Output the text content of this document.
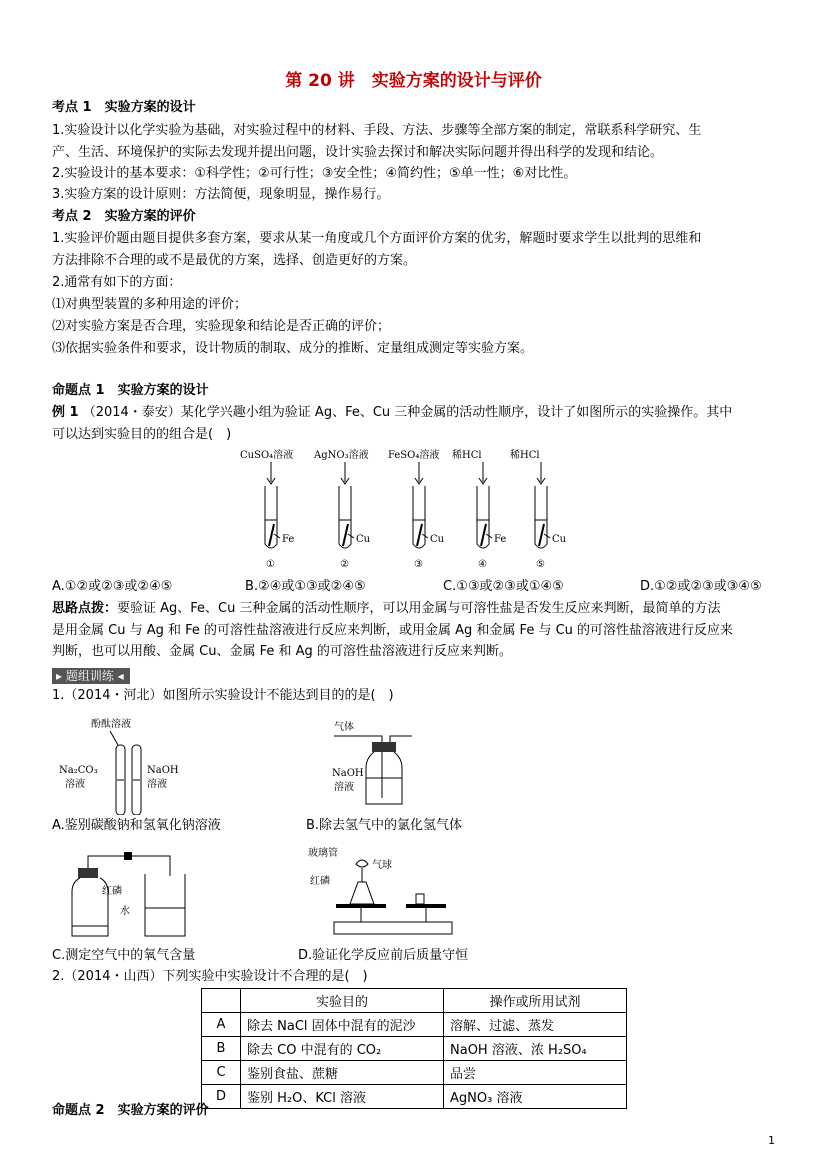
第 20 讲　实验方案的设计与评价
考点 1　实验方案的设计
1.实验设计以化学实验为基础，对实验过程中的材料、手段、方法、步骤等全部方案的制定，常联系科学研究、生
产、生活、环境保护的实际去发现并提出问题，设计实验去探讨和解决实际问题并得出科学的发现和结论。
2.实验设计的基本要求：①科学性；②可行性；③安全性；④简约性；⑤单一性；⑥对比性。
3.实验方案的设计原则：方法简便，现象明显，操作易行。
考点 2　实验方案的评价
1.实验评价题由题目提供多套方案，要求从某一角度或几个方面评价方案的优劣，解题时要求学生以批判的思维和
方法排除不合理的或不是最优的方案，选择、创造更好的方案。
2.通常有如下的方面：
⑴对典型装置的多种用途的评价；
⑵对实验方案是否合理，实验现象和结论是否正确的评价；
⑶依据实验条件和要求，设计物质的制取、成分的推断、定量组成测定等实验方案。
命题点 1　实验方案的设计
例 1 （2014・泰安）某化学兴趣小组为验证 Ag、Fe、Cu 三种金属的活动性顺序，设计了如图所示的实验操作。其中
可以达到实验目的的组合是(　)
CuSO₄溶液
Fe
①
AgNO₃溶液
Cu
②
FeSO₄溶液
Cu
③
稀HCl
Fe
④
稀HCl
Cu
⑤
A.①②或②③或②④⑤	B.②④或①③或②④⑤	C.①③或②③或①④⑤	D.①②或②③或③④⑤
思路点拨：要验证 Ag、Fe、Cu 三种金属的活动性顺序，可以用金属与可溶性盐是否发生反应来判断，最简单的方法
是用金属 Cu 与 Ag 和 Fe 的可溶性盐溶液进行反应来判断，或用金属 Ag 和金属 Fe 与 Cu 的可溶性盐溶液进行反应来
判断，也可以用酸、金属 Cu、金属 Fe 和 Ag 的可溶性盐溶液进行反应来判断。
▸ 题组训练 ◂
1.（2014・河北）如图所示实验设计不能达到目的的是(　)
酚酞溶液
Na₂CO₃
溶液
NaOH
溶液
气体
NaOH
溶液
A.鉴别碳酸钠和氢氧化钠溶液	B.除去氢气中的氯化氢气体
红磷
水
玻璃管
气球
红磷
C.测定空气中的氧气含量	D.验证化学反应前后质量守恒
2.（2014・山西）下列实验中实验设计不合理的是(　)
	实验目的	操作或所用试剂
A	除去 NaCl 固体中混有的泥沙	溶解、过滤、蒸发
B	除去 CO 中混有的 CO₂	NaOH 溶液、浓 H₂SO₄
C	鉴别食盐、蔗糖	品尝
D	鉴别 H₂O、KCl 溶液	AgNO₃ 溶液
命题点 2　实验方案的评价
1
